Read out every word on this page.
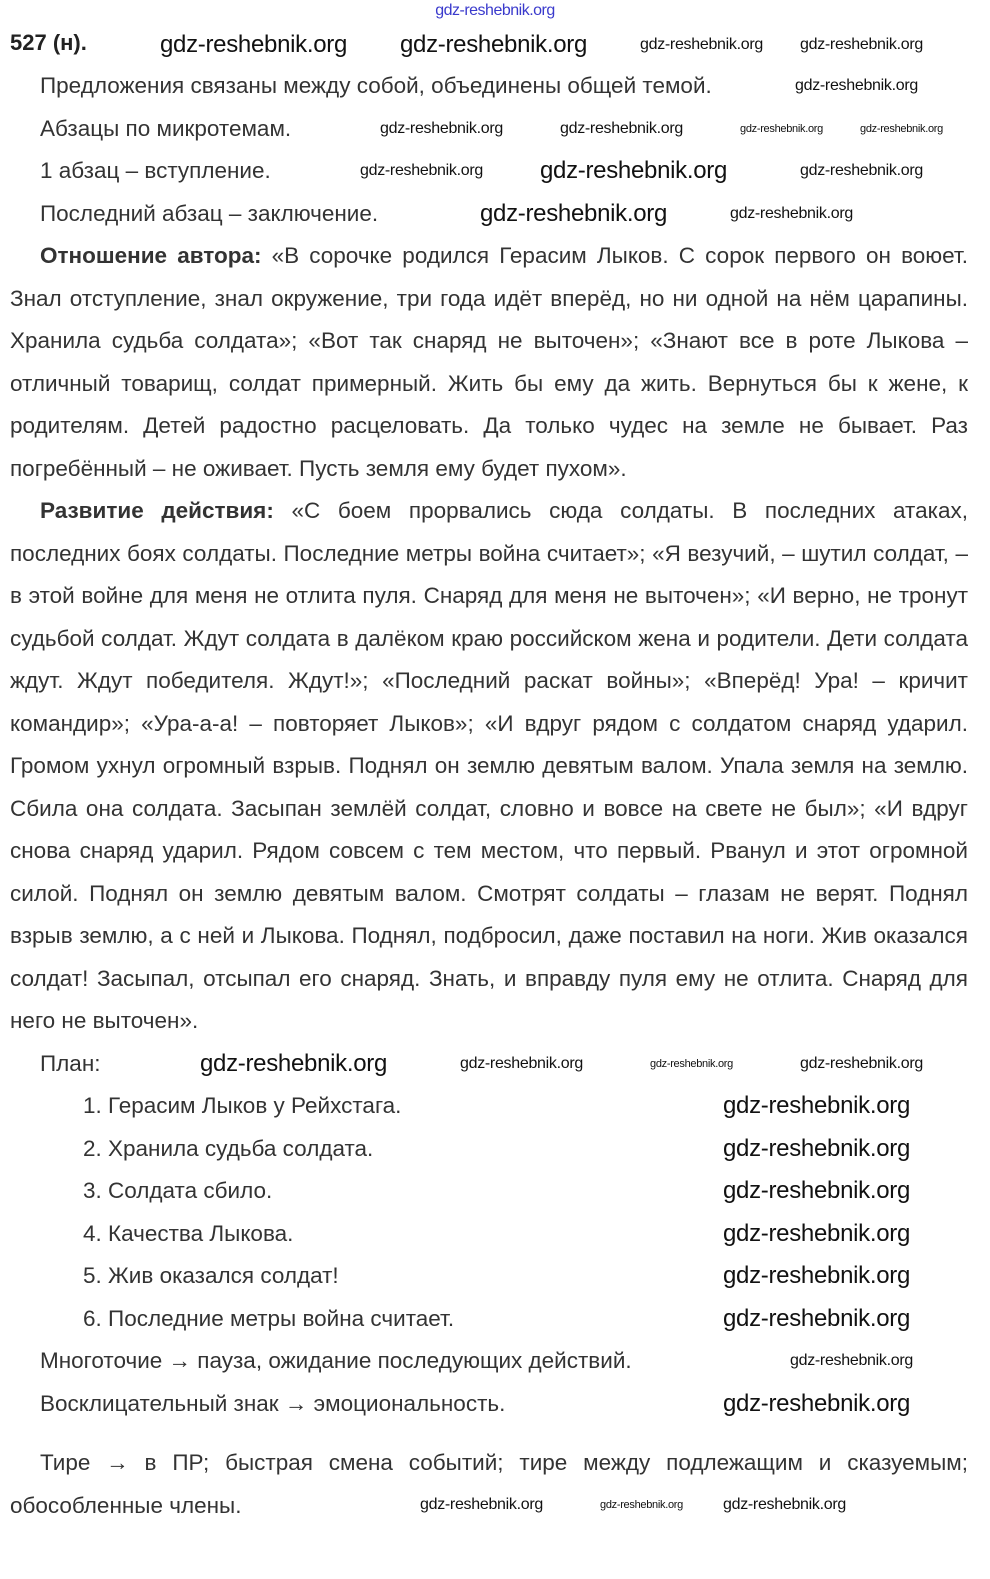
gdz-reshebnik.org
527 (н).	gdz-reshebnik.org gdz-reshebnik.org	gdz-reshebnik.org gdz-reshebnik.org

Предложения связаны между собой, объединены общей темой.	gdz-reshebnik.org

Абзацы по микротемам.	gdz-reshebnik.org	gdz-reshebnik.org	gdz-reshebnik.org	gdz-reshebnik.org

1 абзац – вступление.	gdz-reshebnik.org gdz-reshebnik.org	gdz-reshebnik.org

Последний абзац – заключение.	gdz-reshebnik.org	gdz-reshebnik.org

Отношение автора: «В сорочке родился Герасим Лыков. С сорок первого он воюет. Знал отступление, знал окружение, три года идёт вперёд, но ни одной на нём царапины. Хранила судьба солдата»; «Вот так снаряд не выточен»; «Знают все в роте Лыкова – отличный товарищ, солдат примерный. Жить бы ему да жить. Вернуться бы к жене, к родителям. Детей радостно расцеловать. Да только чудес на земле не бывает. Раз погребённый – не оживает. Пусть земля ему будет пухом».

Развитие действия: «С боем прорвались сюда солдаты. В последних атаках, последних боях солдаты. Последние метры война считает»; «Я везучий, – шутил солдат, – в этой войне для меня не отлита пуля. Снаряд для меня не выточен»; «И верно, не тронут судьбой солдат. Ждут солдата в далёком краю российском жена и родители. Дети солдата ждут. Ждут победителя. Ждут!»; «Последний раскат войны»; «Вперёд! Ура! – кричит командир»; «Ура-а-а! – повторяет Лыков»; «И вдруг рядом с солдатом снаряд ударил. Громом ухнул огромный взрыв. Поднял он землю девятым валом. Упала земля на землю. Сбила она солдата. Засыпан землёй солдат, словно и вовсе на свете не был»; «И вдруг снова снаряд ударил. Рядом совсем с тем местом, что первый. Рванул и этот огромной силой. Поднял он землю девятым валом. Смотрят солдаты – глазам не верят. Поднял взрыв землю, а с ней и Лыкова. Поднял, подбросил, даже поставил на ноги. Жив оказался солдат! Засыпал, отсыпал его снаряд. Знать, и вправду пуля ему не отлита. Снаряд для него не выточен».

План:	gdz-reshebnik.org	gdz-reshebnik.org	gdz-reshebnik.org	gdz-reshebnik.org

1. Герасим Лыков у Рейхстага.	gdz-reshebnik.org

2. Хранила судьба солдата.	gdz-reshebnik.org

3. Солдата сбило.	gdz-reshebnik.org

4. Качества Лыкова.	gdz-reshebnik.org

5. Жив оказался солдат!	gdz-reshebnik.org

6. Последние метры война считает.	gdz-reshebnik.org

Многоточие → пауза, ожидание последующих действий.	gdz-reshebnik.org

Восклицательный знак → эмоциональность.	gdz-reshebnik.org

Тире → в ПР; быстрая смена событий; тире между подлежащим и сказуемым; обособленные члены.	gdz-reshebnik.org	gdz-reshebnik.org	gdz-reshebnik.org
